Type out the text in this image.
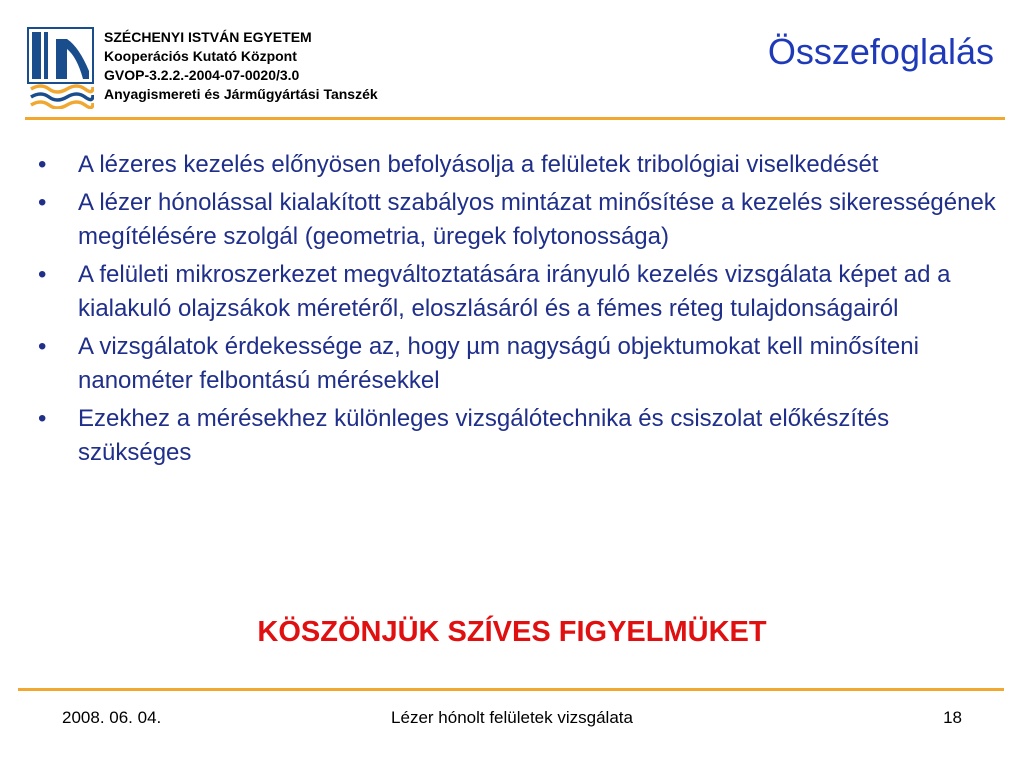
SZÉCHENYI ISTVÁN EGYETEM
Kooperációs Kutató Központ
GVOP-3.2.2.-2004-07-0020/3.0
Anyagismereti és Járműgyártási Tanszék
Összefoglalás
•	A lézeres kezelés előnyösen befolyásolja a felületek tribológiai viselkedését
•	A lézer hónolással kialakított szabályos mintázat minősítése a kezelés sikerességének megítélésére szolgál (geometria, üregek folytonossága)
•	A felületi mikroszerkezet megváltoztatására irányuló kezelés vizsgálata képet ad a kialakuló olajzsákok méretéről, eloszlásáról és a fémes réteg tulajdonságairól
•	A vizsgálatok érdekessége az, hogy µm nagyságú objektumokat kell minősíteni nanométer felbontású mérésekkel
•	Ezekhez a mérésekhez különleges vizsgálótechnika és csiszolat előkészítés szükséges
KÖSZÖNJÜK SZÍVES FIGYELMÜKET
2008. 06. 04.	Lézer hónolt felületek vizsgálata	18
